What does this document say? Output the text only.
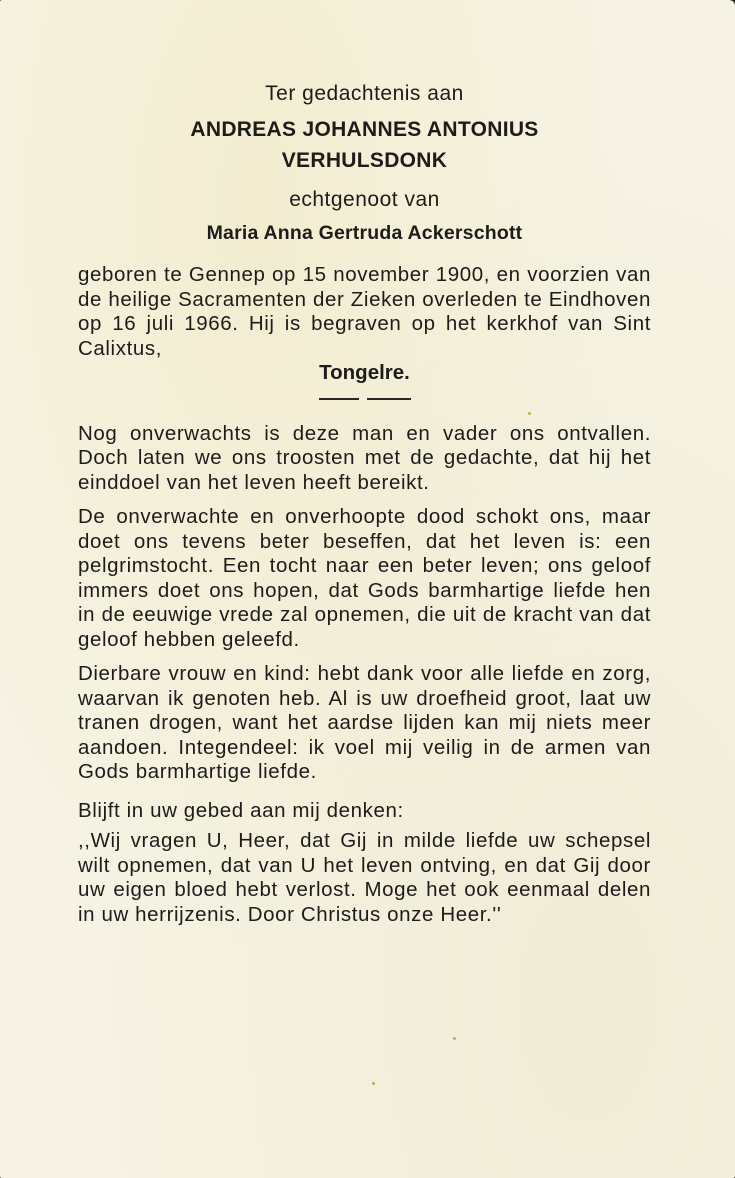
Ter gedachtenis aan
ANDREAS JOHANNES ANTONIUS
VERHULSDONK
echtgenoot van
Maria Anna Gertruda Ackerschott

geboren te Gennep op 15 november 1900, en voorzien van de heilige Sacramenten der Zieken overleden te Eindhoven op 16 juli 1966. Hij is begraven op het kerkhof van Sint Calixtus,

Tongelre.

Nog onverwachts is deze man en vader ons ontvallen. Doch laten we ons troosten met de gedachte, dat hij het einddoel van het leven heeft bereikt.

De onverwachte en onverhoopte dood schokt ons, maar doet ons tevens beter beseffen, dat het leven is: een pelgrimstocht. Een tocht naar een beter leven; ons geloof immers doet ons hopen, dat Gods barmhartige liefde hen in de eeuwige vrede zal opnemen, die uit de kracht van dat geloof hebben geleefd.

Dierbare vrouw en kind: hebt dank voor alle liefde en zorg, waarvan ik genoten heb. Al is uw droefheid groot, laat uw tranen drogen, want het aardse lijden kan mij niets meer aandoen. Integendeel: ik voel mij veilig in de armen van Gods barmhartige liefde.

Blijft in uw gebed aan mij denken:

,,Wij vragen U, Heer, dat Gij in milde liefde uw schepsel wilt opnemen, dat van U het leven ontving, en dat Gij door uw eigen bloed hebt verlost. Moge het ook eenmaal delen in uw herrijzenis. Door Christus onze Heer.''
